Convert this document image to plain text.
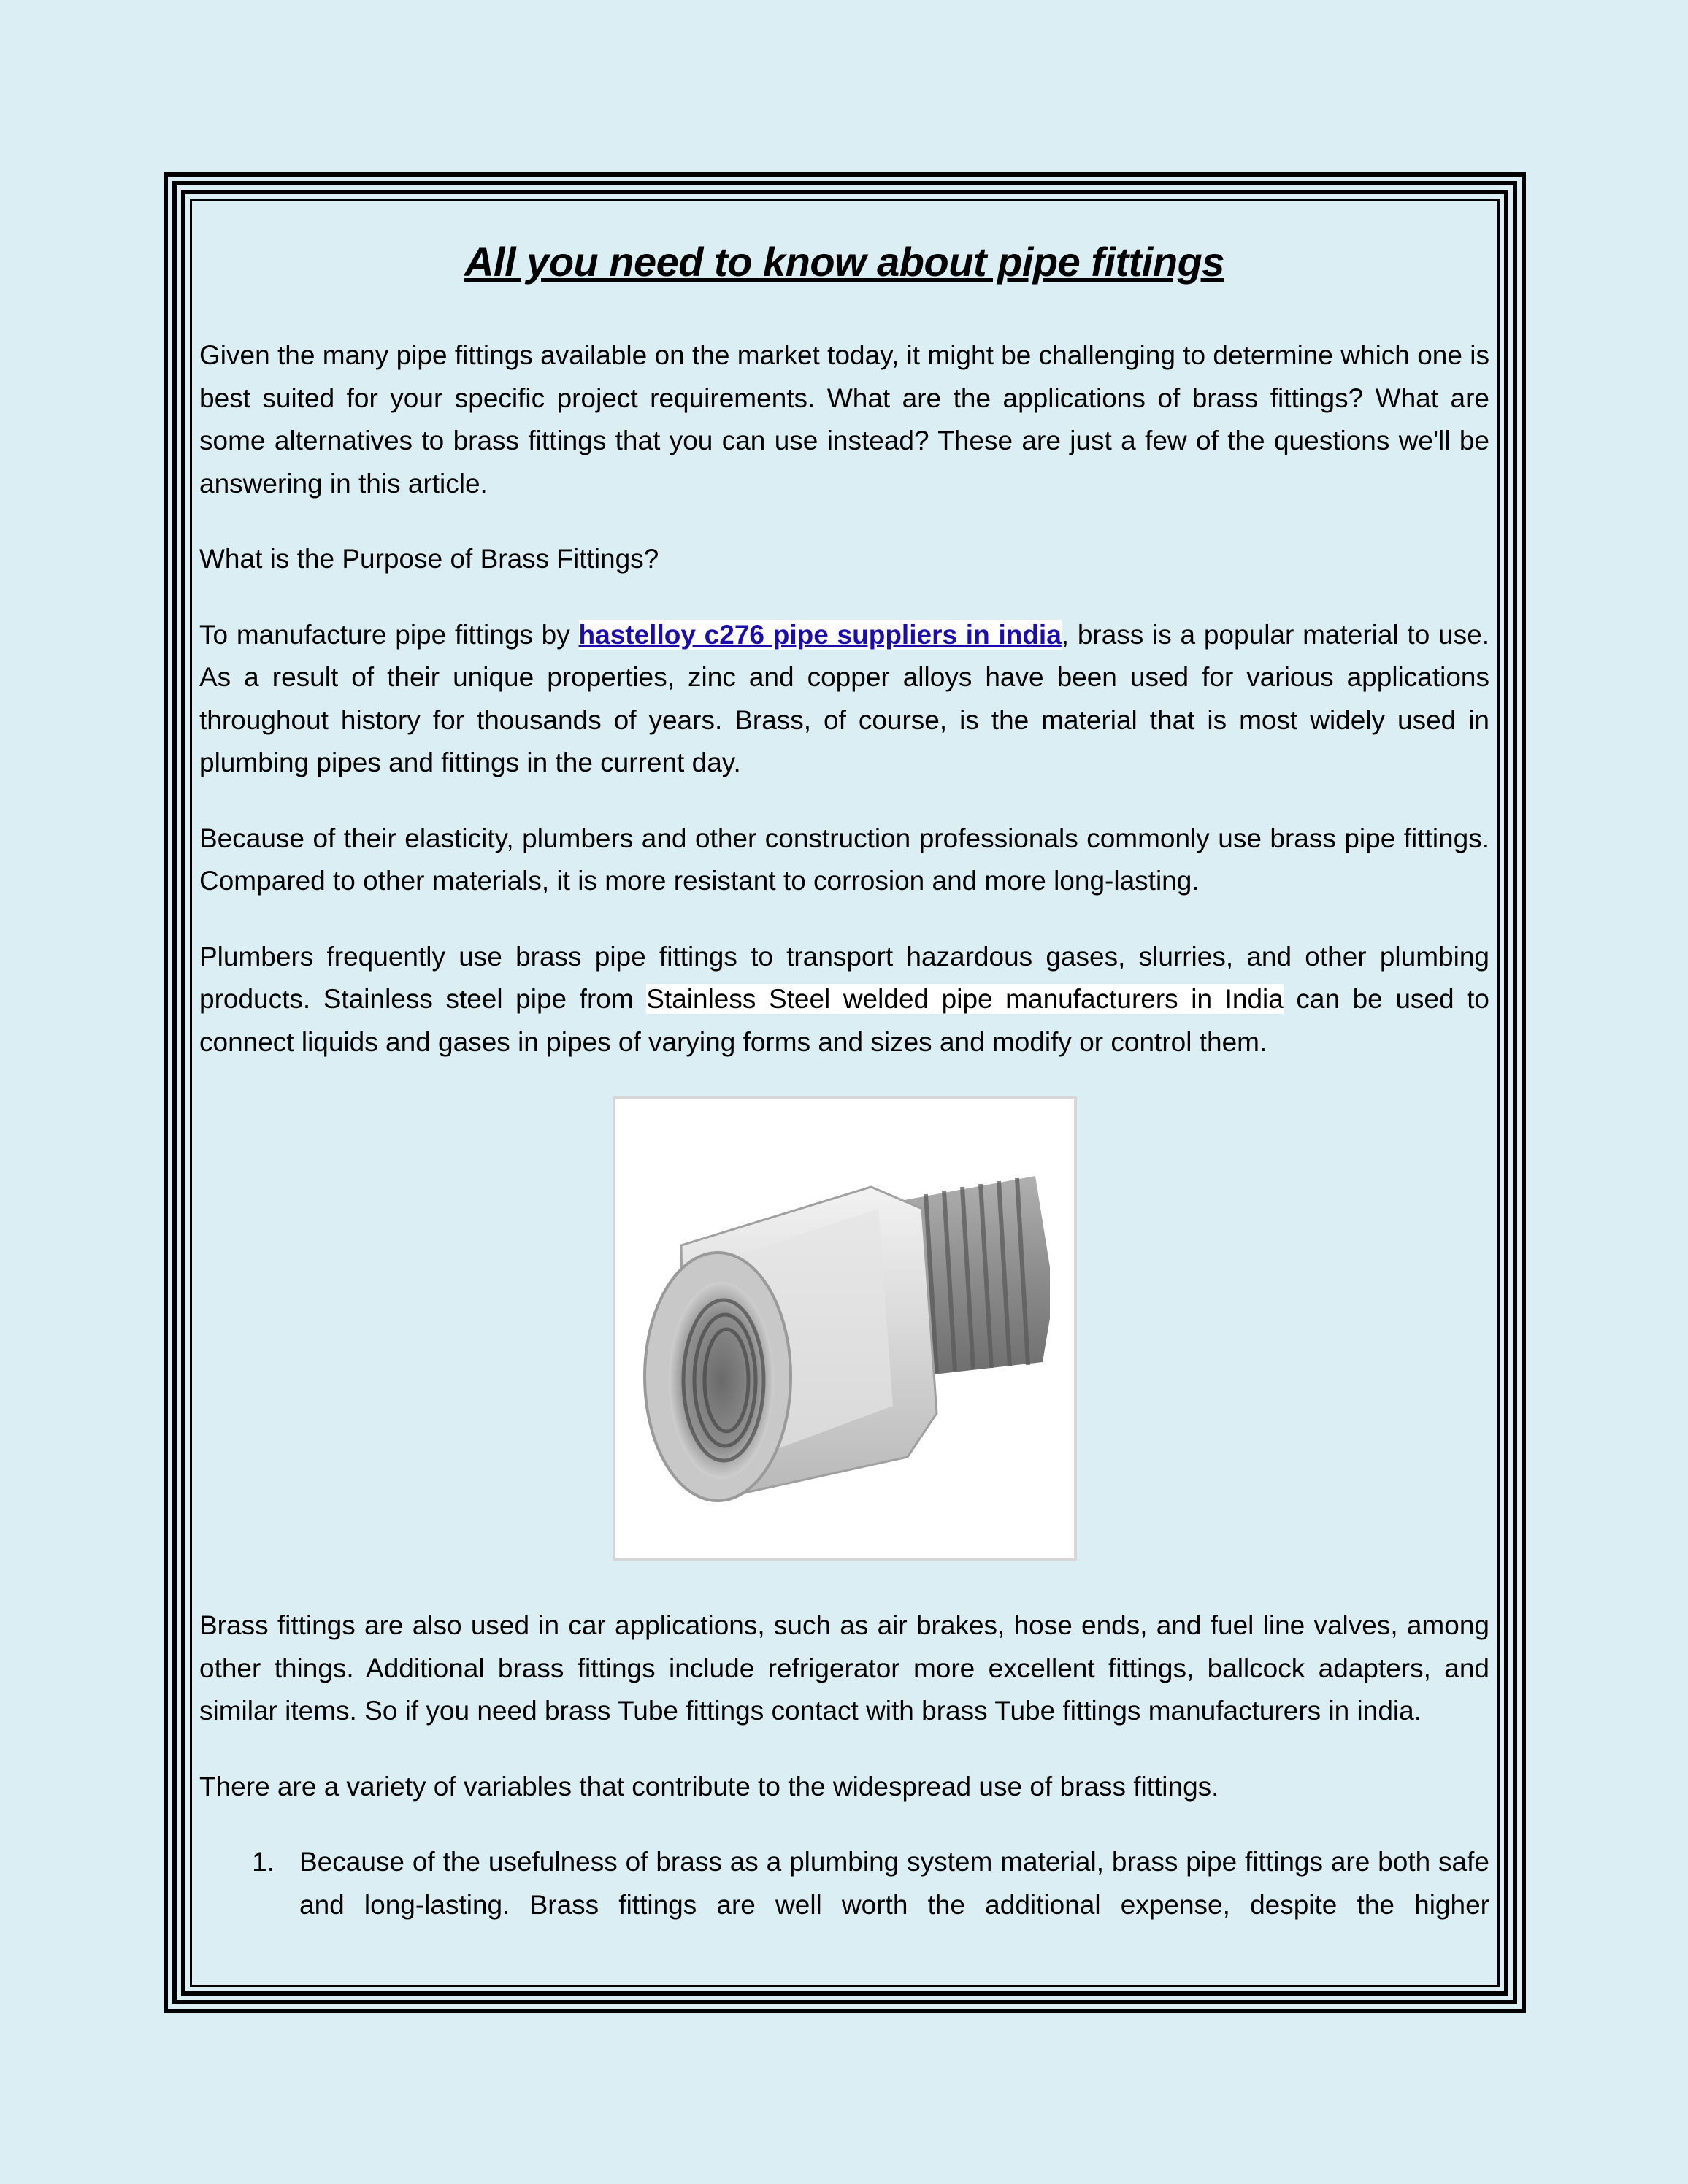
All you need to know about pipe fittings

Given the many pipe fittings available on the market today, it might be challenging to determine which one is best suited for your specific project requirements. What are the applications of brass fittings? What are some alternatives to brass fittings that you can use instead? These are just a few of the questions we'll be answering in this article.

What is the Purpose of Brass Fittings?

To manufacture pipe fittings by hastelloy c276 pipe suppliers in india, brass is a popular material to use. As a result of their unique properties, zinc and copper alloys have been used for various applications throughout history for thousands of years. Brass, of course, is the material that is most widely used in plumbing pipes and fittings in the current day.

Because of their elasticity, plumbers and other construction professionals commonly use brass pipe fittings. Compared to other materials, it is more resistant to corrosion and more long-lasting.

Plumbers frequently use brass pipe fittings to transport hazardous gases, slurries, and other plumbing products. Stainless steel pipe from Stainless Steel welded pipe manufacturers in India can be used to connect liquids and gases in pipes of varying forms and sizes and modify or control them.

Brass fittings are also used in car applications, such as air brakes, hose ends, and fuel line valves, among other things. Additional brass fittings include refrigerator more excellent fittings, ballcock adapters, and similar items. So if you need brass Tube fittings contact with brass Tube fittings manufacturers in india.

There are a variety of variables that contribute to the widespread use of brass fittings.

1. Because of the usefulness of brass as a plumbing system material, brass pipe fittings are both safe and long-lasting. Brass fittings are well worth the additional expense, despite the higher
